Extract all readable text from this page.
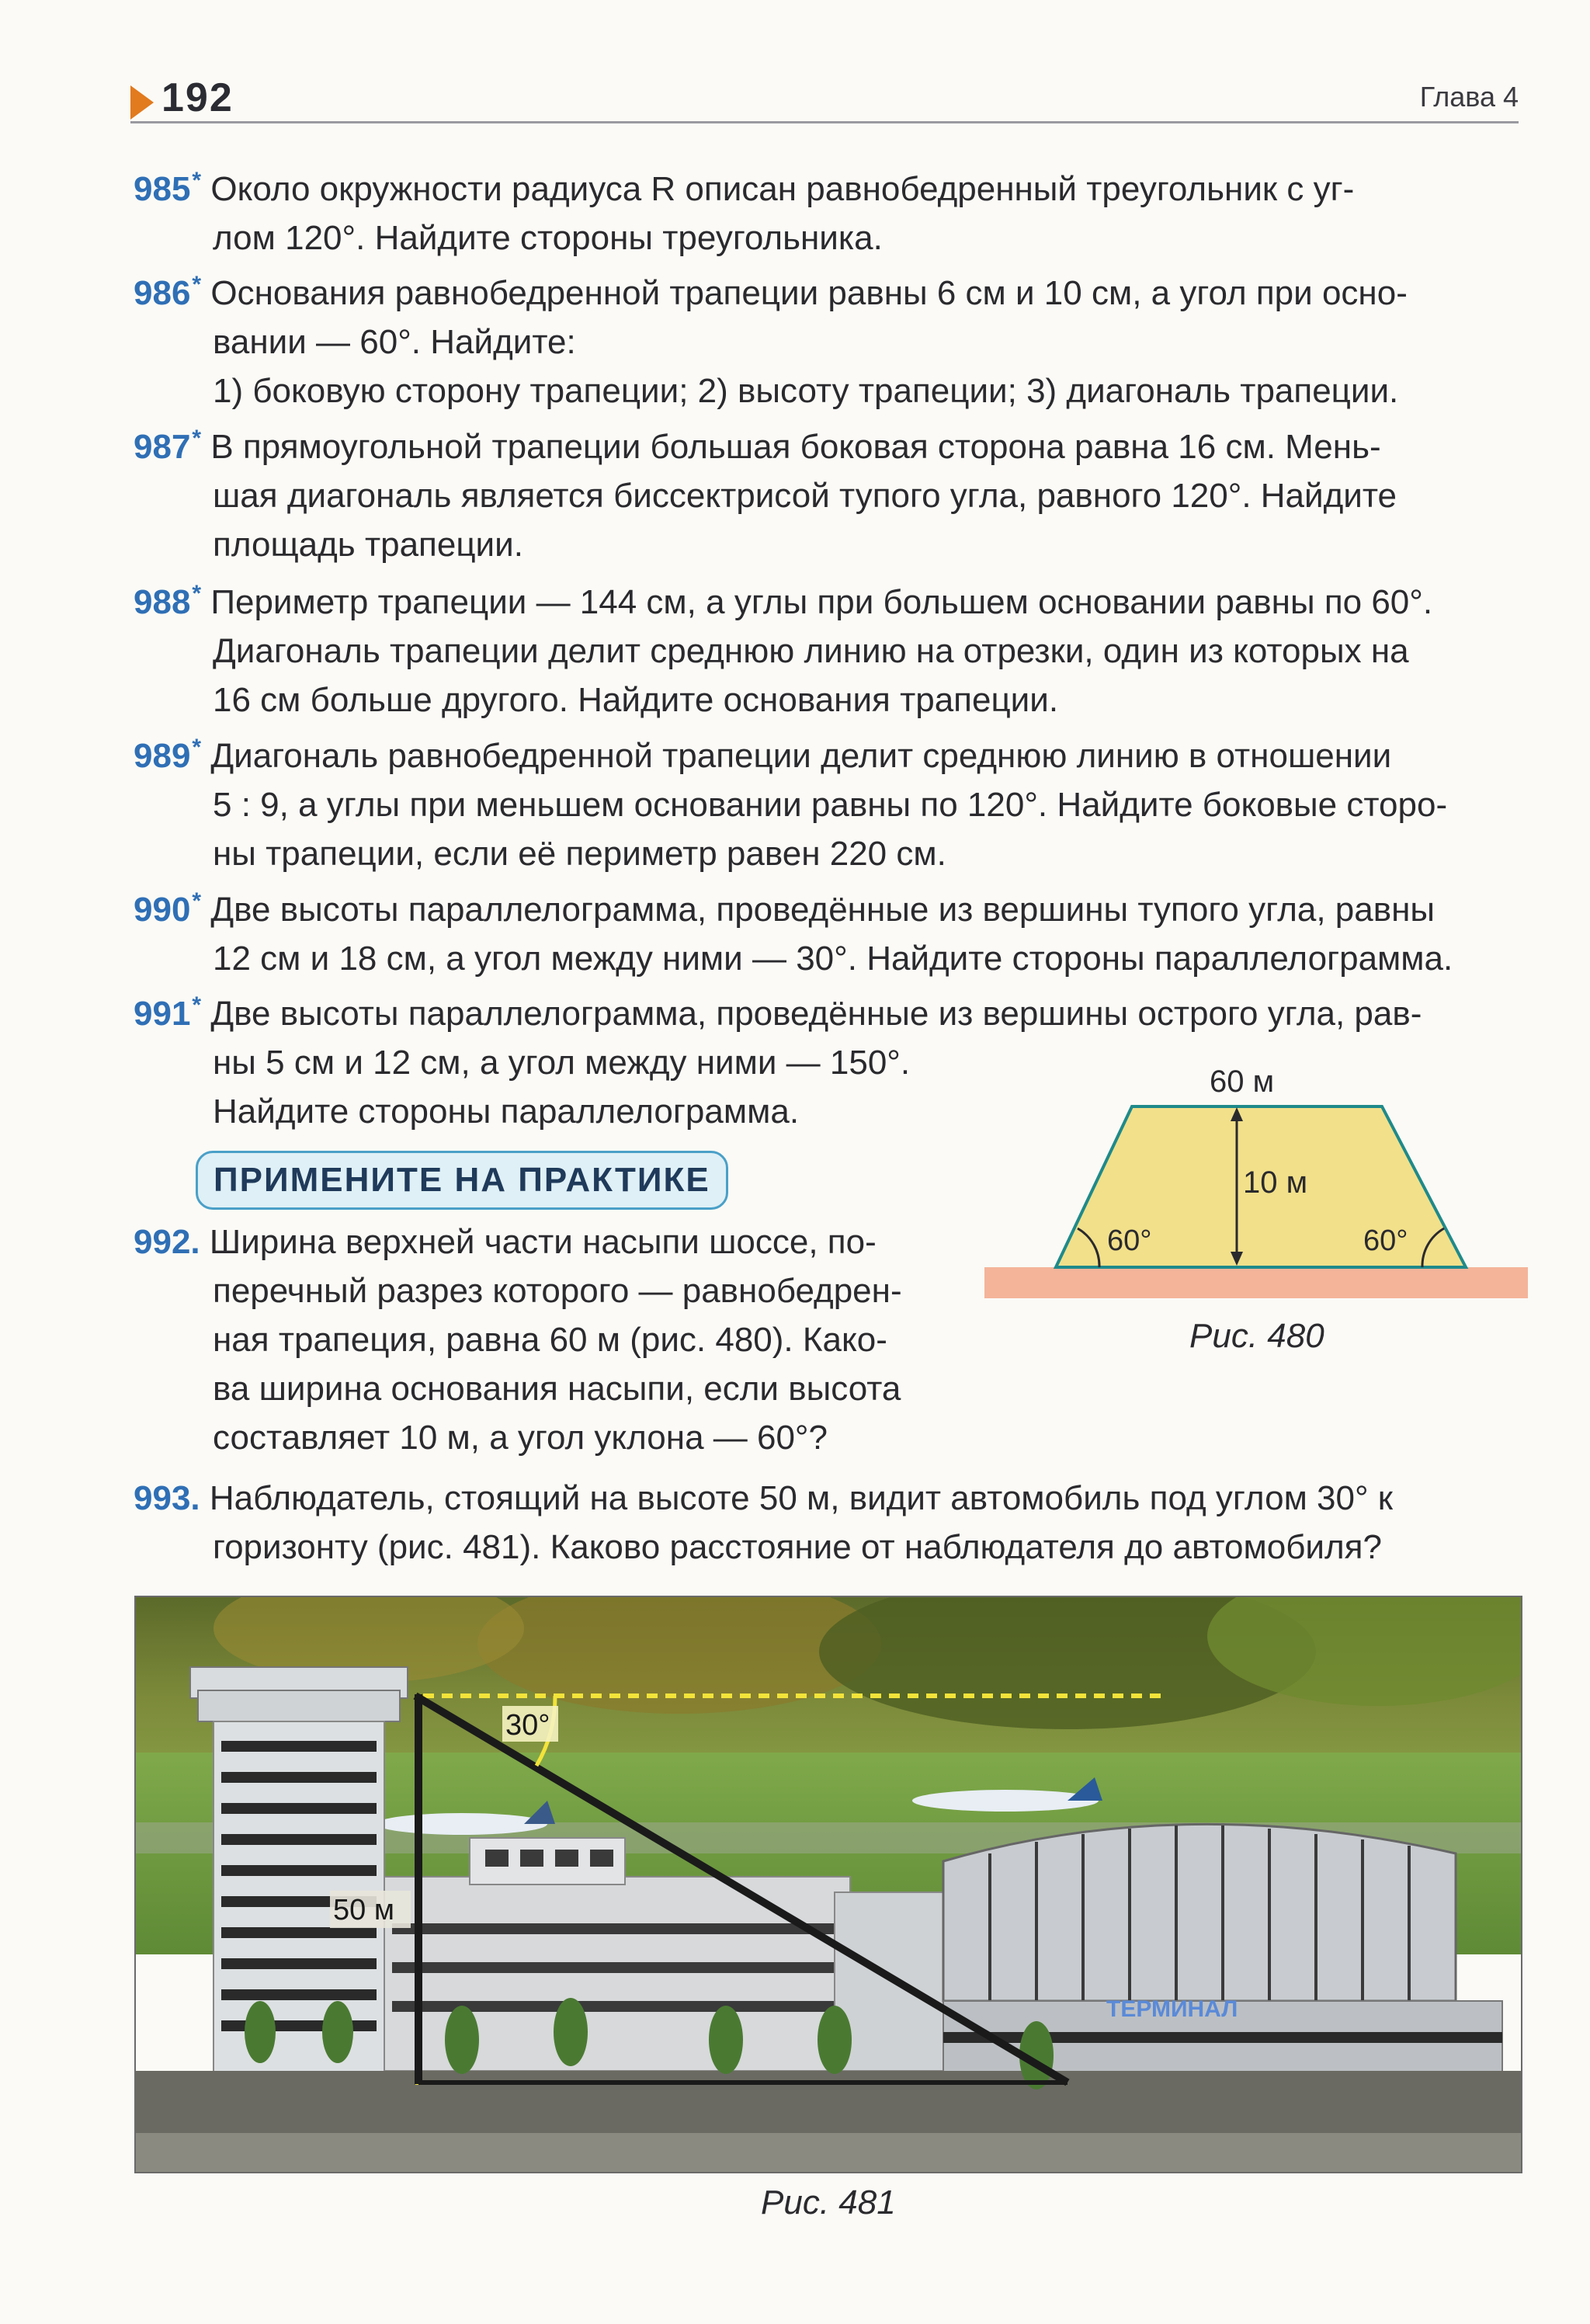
192	Глава 4
985* Около окружности радиуса R описан равнобедренный треугольник с уг-
лом 120°. Найдите стороны треугольника.
986* Основания равнобедренной трапеции равны 6 см и 10 см, а угол при осно-
вании — 60°. Найдите:
1) боковую сторону трапеции; 2) высоту трапеции; 3) диагональ трапеции.
987* В прямоугольной трапеции большая боковая сторона равна 16 см. Мень-
шая диагональ является биссектрисой тупого угла, равного 120°. Найдите
площадь трапеции.
988* Периметр трапеции — 144 см, а углы при большем основании равны по 60°.
Диагональ трапеции делит среднюю линию на отрезки, один из которых на
16 см больше другого. Найдите основания трапеции.
989* Диагональ равнобедренной трапеции делит среднюю линию в отношении
5 : 9, а углы при меньшем основании равны по 120°. Найдите боковые сторо-
ны трапеции, если её периметр равен 220 см.
990* Две высоты параллелограмма, проведённые из вершины тупого угла, равны
12 см и 18 см, а угол между ними — 30°. Найдите стороны параллелограмма.
991* Две высоты параллелограмма, проведённые из вершины острого угла, рав-
ны 5 см и 12 см, а угол между ними — 150°.
Найдите стороны параллелограмма.
ПРИМЕНИТЕ НА ПРАКТИКЕ
992. Ширина верхней части насыпи шоссе, по-
перечный разрез которого — равнобедрен-
ная трапеция, равна 60 м (рис. 480). Како-
ва ширина основания насыпи, если высота
составляет 10 м, а угол уклона — 60°?
60 м
10 м
60°	60°
Рис. 480
993. Наблюдатель, стоящий на высоте 50 м, видит автомобиль под углом 30° к
горизонту (рис. 481). Каково расстояние от наблюдателя до автомобиля?
ТЕРМИНАЛ
30°
50 м
Рис. 481
